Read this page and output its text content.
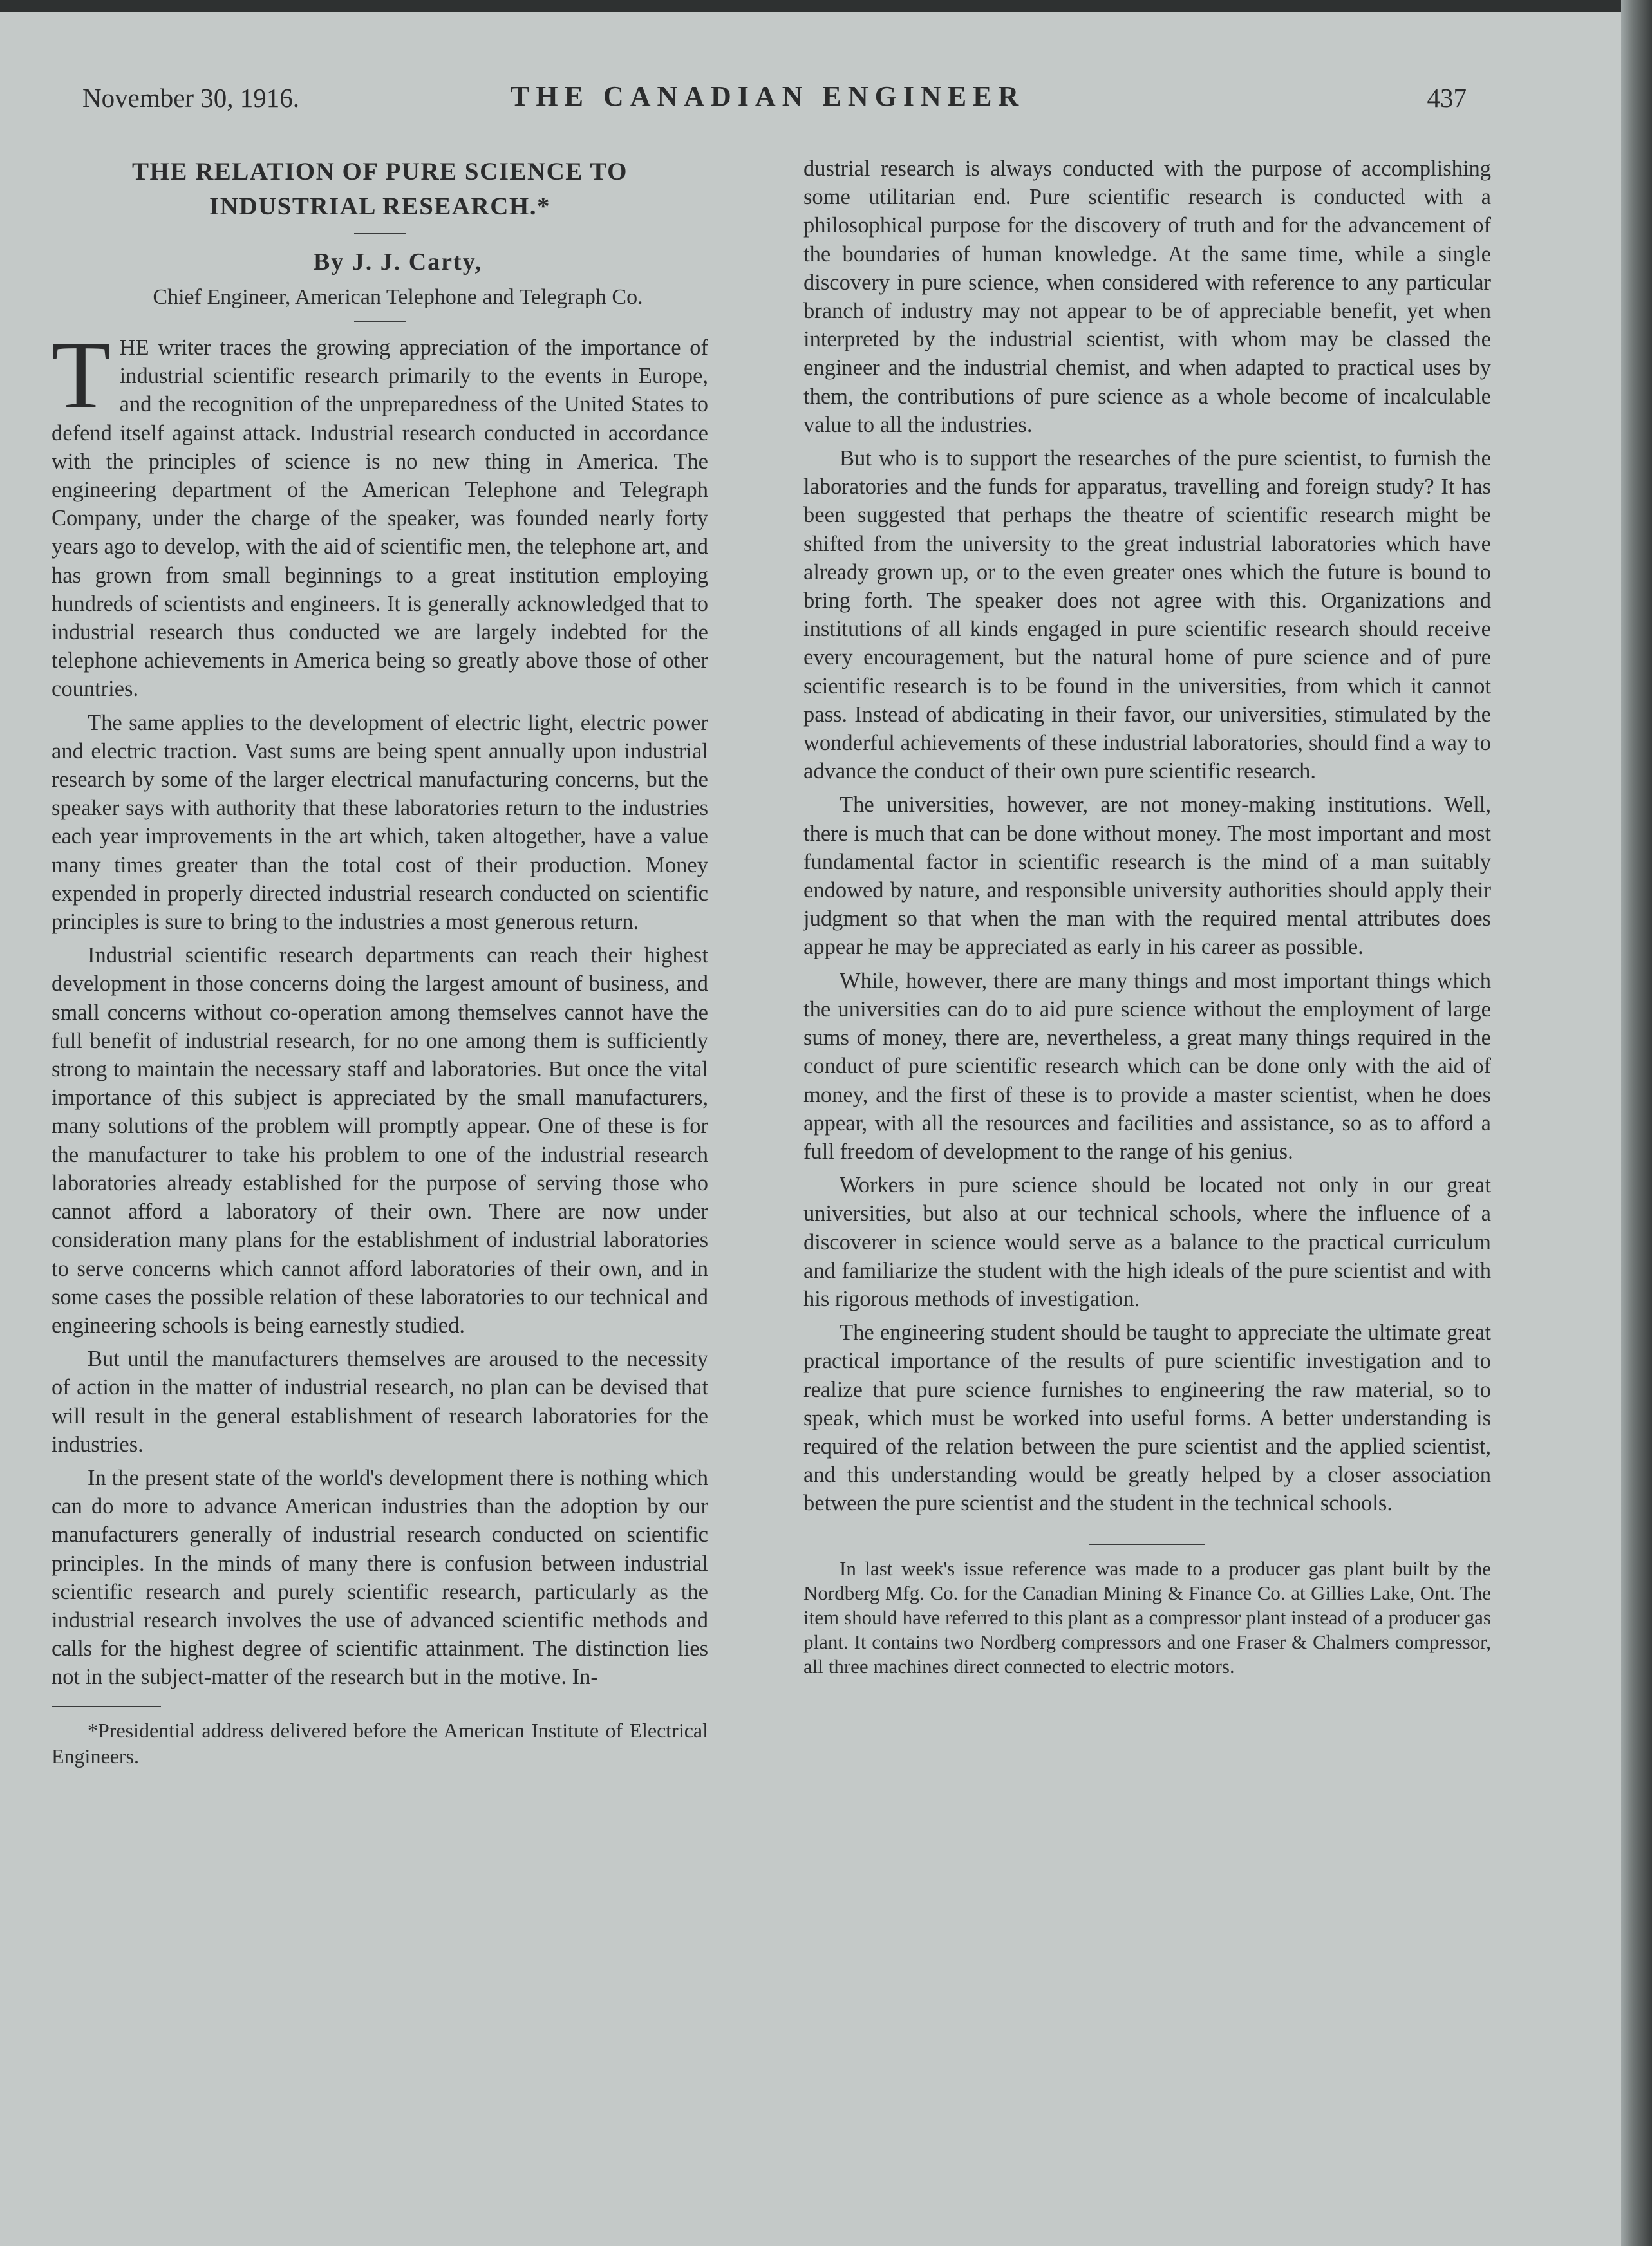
November 30, 1916.	THE CANADIAN ENGINEER	437
THE RELATION OF PURE SCIENCE TO
INDUSTRIAL RESEARCH.*

By J. J. Carty,

Chief Engineer, American Telephone and Telegraph Co.

THE writer traces the growing appreciation of the importance of industrial scientific research primarily to the events in Europe, and the recognition of the unpreparedness of the United States to defend itself against attack. Industrial research conducted in accordance with the principles of science is no new thing in America. The engineering department of the American Telephone and Telegraph Company, under the charge of the speaker, was founded nearly forty years ago to develop, with the aid of scientific men, the telephone art, and has grown from small beginnings to a great institution employing hundreds of scientists and engineers. It is generally acknowledged that to industrial research thus conducted we are largely indebted for the telephone achievements in America being so greatly above those of other countries.

The same applies to the development of electric light, electric power and electric traction. Vast sums are being spent annually upon industrial research by some of the larger electrical manufacturing concerns, but the speaker says with authority that these laboratories return to the industries each year improvements in the art which, taken altogether, have a value many times greater than the total cost of their production. Money expended in properly directed industrial research conducted on scientific principles is sure to bring to the industries a most generous return.

Industrial scientific research departments can reach their highest development in those concerns doing the largest amount of business, and small concerns without co-operation among themselves cannot have the full benefit of industrial research, for no one among them is sufficiently strong to maintain the necessary staff and laboratories. But once the vital importance of this subject is appreciated by the small manufacturers, many solutions of the problem will promptly appear. One of these is for the manufacturer to take his problem to one of the industrial research laboratories already established for the purpose of serving those who cannot afford a laboratory of their own. There are now under consideration many plans for the establishment of industrial laboratories to serve concerns which cannot afford laboratories of their own, and in some cases the possible relation of these laboratories to our technical and engineering schools is being earnestly studied.

But until the manufacturers themselves are aroused to the necessity of action in the matter of industrial research, no plan can be devised that will result in the general establishment of research laboratories for the industries.

In the present state of the world's development there is nothing which can do more to advance American industries than the adoption by our manufacturers generally of industrial research conducted on scientific principles. In the minds of many there is confusion between industrial scientific research and purely scientific research, particularly as the industrial research involves the use of advanced scientific methods and calls for the highest degree of scientific attainment. The distinction lies not in the subject-matter of the research but in the motive. In-

*Presidential address delivered before the American Institute of Electrical Engineers.

dustrial research is always conducted with the purpose of accomplishing some utilitarian end. Pure scientific research is conducted with a philosophical purpose for the discovery of truth and for the advancement of the boundaries of human knowledge. At the same time, while a single discovery in pure science, when considered with reference to any particular branch of industry may not appear to be of appreciable benefit, yet when interpreted by the industrial scientist, with whom may be classed the engineer and the industrial chemist, and when adapted to practical uses by them, the contributions of pure science as a whole become of incalculable value to all the industries.

But who is to support the researches of the pure scientist, to furnish the laboratories and the funds for apparatus, travelling and foreign study? It has been suggested that perhaps the theatre of scientific research might be shifted from the university to the great industrial laboratories which have already grown up, or to the even greater ones which the future is bound to bring forth. The speaker does not agree with this. Organizations and institutions of all kinds engaged in pure scientific research should receive every encouragement, but the natural home of pure science and of pure scientific research is to be found in the universities, from which it cannot pass. Instead of abdicating in their favor, our universities, stimulated by the wonderful achievements of these industrial laboratories, should find a way to advance the conduct of their own pure scientific research.

The universities, however, are not money-making institutions. Well, there is much that can be done without money. The most important and most fundamental factor in scientific research is the mind of a man suitably endowed by nature, and responsible university authorities should apply their judgment so that when the man with the required mental attributes does appear he may be appreciated as early in his career as possible.

While, however, there are many things and most important things which the universities can do to aid pure science without the employment of large sums of money, there are, nevertheless, a great many things required in the conduct of pure scientific research which can be done only with the aid of money, and the first of these is to provide a master scientist, when he does appear, with all the resources and facilities and assistance, so as to afford a full freedom of development to the range of his genius.

Workers in pure science should be located not only in our great universities, but also at our technical schools, where the influence of a discoverer in science would serve as a balance to the practical curriculum and familiarize the student with the high ideals of the pure scientist and with his rigorous methods of investigation.

The engineering student should be taught to appreciate the ultimate great practical importance of the results of pure scientific investigation and to realize that pure science furnishes to engineering the raw material, so to speak, which must be worked into useful forms. A better understanding is required of the relation between the pure scientist and the applied scientist, and this understanding would be greatly helped by a closer association between the pure scientist and the student in the technical schools.

In last week's issue reference was made to a producer gas plant built by the Nordberg Mfg. Co. for the Canadian Mining & Finance Co. at Gillies Lake, Ont. The item should have referred to this plant as a compressor plant instead of a producer gas plant. It contains two Nordberg compressors and one Fraser & Chalmers compressor, all three machines direct connected to electric motors.
